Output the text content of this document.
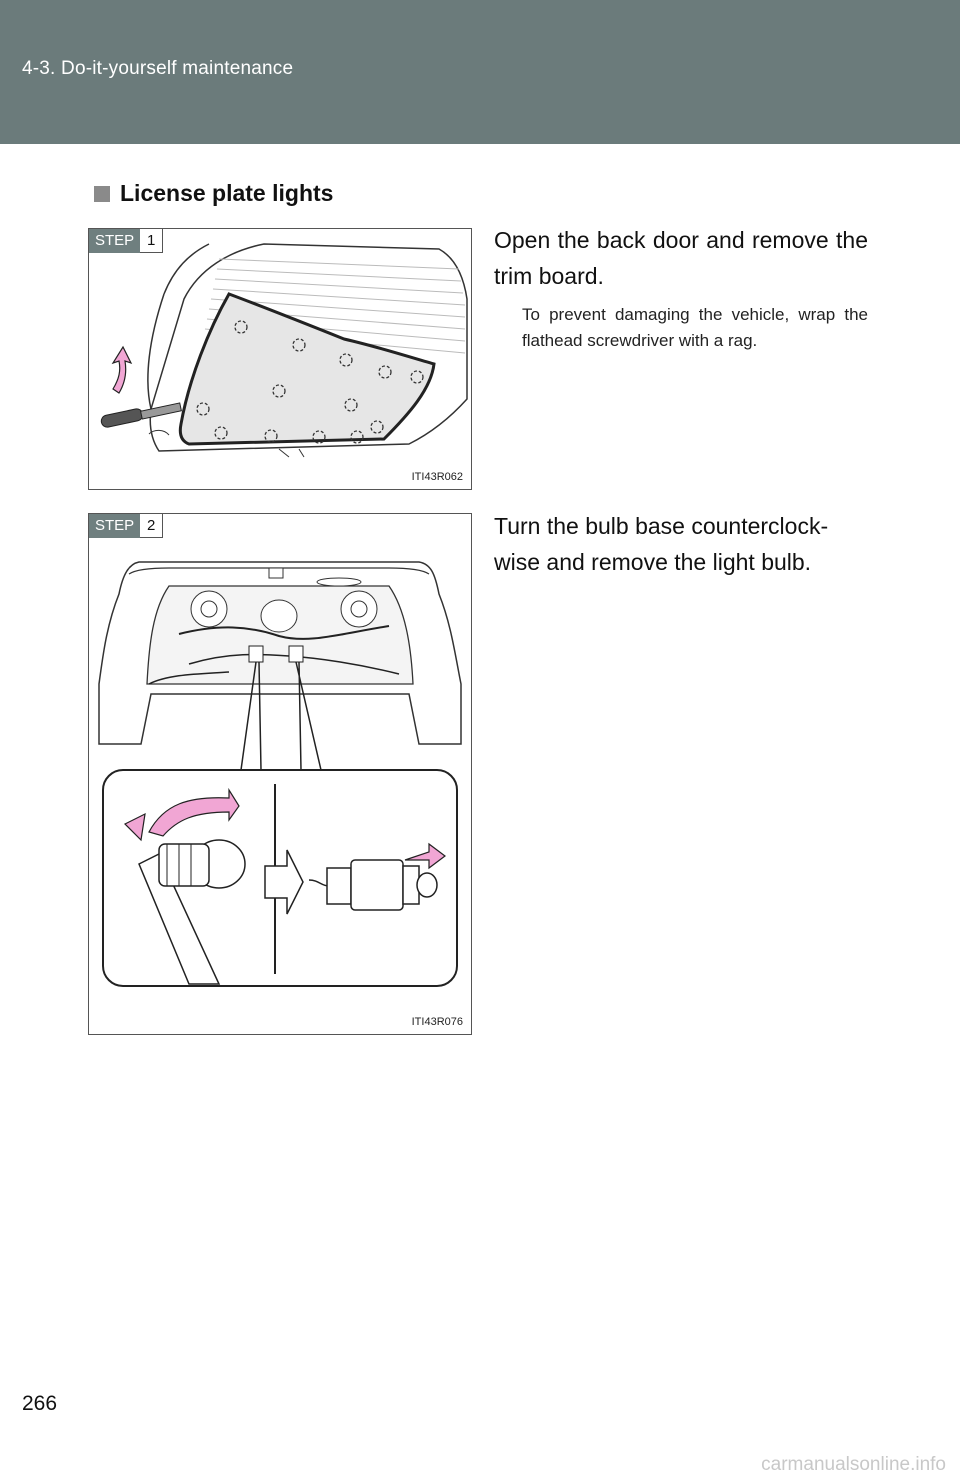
4-3. Do-it-yourself maintenance
License plate lights
STEP 1
ITI43R062
Open the back door and remove the trim board.
To prevent damaging the vehicle, wrap the flathead screwdriver with a rag.
STEP 2
ITI43R076
Turn the bulb base counterclock-wise and remove the light bulb.
266
carmanualsonline.info
